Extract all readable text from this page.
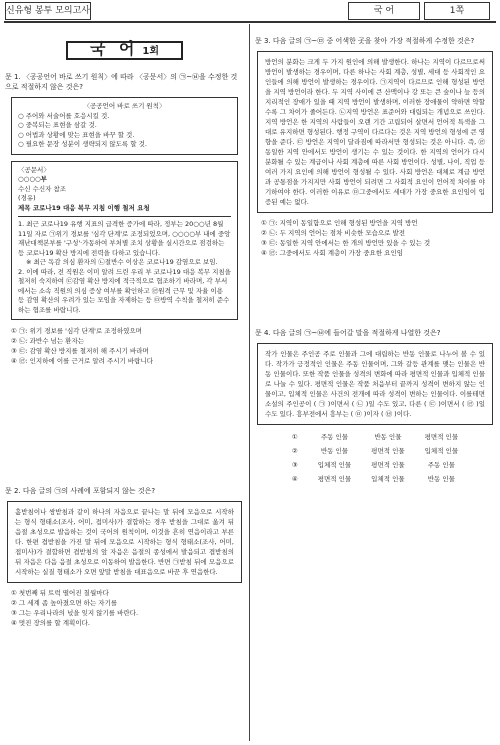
신유형 봉투 모의고사	국 어	1쪽
국 어 1회
문 1. 〈공공언어 바로 쓰기 원칙〉에 따라 〈공문서〉의 ㉠~㉥을 수정한 것으로 적절하지 않은 것은?
〈공공언어 바로 쓰기 원칙〉
○ 주어와 서술어를 호응시킬 것.
○ 중복되는 표현을 삼갈 것.
○ 어법과 상황에 맞는 표현을 바꾸 할 것.
○ 필요한 문장 성분이 생략되지 않도록 할 것.
〈공문서〉
○○○○부
수신 수신자 참조
(경유)
제목 코로나19 대응 복무 지침 이행 철저 요청
1. 최근 코로나19 유행 지표의 급격한 증가에 따라, 정부는 20○○년 8월 11일 자로 ㉠위기 경보를 '심각 단계'로 조정되었으며, ○○○○부 내에 중앙재난대책본부를 '구성'·가동하여 부처별 조치 상황을 실시간으로 점검하는 등 코로나19 확산 방지에 전력을 다하고 있습니다.
※ 최근 독감 의심 환자의 ㉡절반수 이상은 코로나19 감염으로 보임.
2. 이에 따라, 전 직원은 이미 알려 드린 우리 부 코로나19 대응 복무 지침을 철저히 숙지하여 ㉢감염 확산 방지에 적극적으로 협조하기 바라며, 각 부서에서는 소속 직원의 의심 증상 여부를 확인하고 ㉣원격 근무 및 자율 이용 등 감염 확산의 우려가 있는 모임을 자제하는 등 ㉤방역 수칙을 철저히 준수하는 협조를 바랍니다.
① ㉠: 위기 경보를 '심각 단계'로 조정하였으며
② ㉡: 과반수 넘는 환자는
③ ㉢: 감염 확산 방지를 철저히 해 주시기 바라며
④ ㉣: 인지하에 이를 근거로 알려 주시기 바랍니다
문 2. 다음 글의 ㉠의 사례에 포함되지 않는 것은?
홑받침이나 쌍받침과 같이 하나의 자음으로 끝나는 말 뒤에 모음으로 시작하는 형식 형태소(조사, 어미, 접미사)가 결합하는 경우 받침을 그대로 옮겨 뒤 음절 초성으로 발음하는 것이 국어의 원칙이며, 이것을 흔히 연음이라고 부른다. 한편 겹받침을 가진 말 뒤에 모음으로 시작하는 형식 형태소(조사, 어미, 접미사)가 결합하면 겹받침의 앞 자음은 음절의 종성에서 발음되고 겹받침의 뒤 자음은 다음 음절 초성으로 이동하여 발음한다. 반면 ㉠받침 뒤에 모음으로 시작하는 실질 형태소가 오면 앞말 받침을 대표음으로 바꾼 후 연음한다.
① 첫번째 뒤 트럭 떨어진 칠월마다
② 그 세계 좀 높아졌으면 하는 자기를
③ 그는 우리나라의 넋을 잊지 않기를 바란다.
④ 멋진 장의를 할 계획이다.
문 3. 다음 글의 ㉠~㉤ 중 어색한 곳을 찾아 가장 적절하게 수정한 것은?
방언의 분화는 크게 두 가지 원인에 의해 발생한다. 하나는 지역이 다르므로써 방언이 발생하는 경우이며, 다른 하나는 사회 계층, 성별, 세대 등 사회적인 요인들에 의해 방언이 발생하는 경우이다. ㉠지역이 다르므로 인해 형성된 방언을 지역 방언이라 한다. 두 지역 사이에 큰 산맥이나 강 또는 큰 숲이나 늪 등의 지리적인 장애가 있을 때 지역 방언이 발생하며, 이러한 장애물이 약하면 약할수록 그 차이가 줄어든다. ㉡지역 방언은 표준어와 대립되는 개념으로 쓰인다. 지역 방언은 한 지역의 사람들이 오랜 기간 고립되어 살면서 언어적 특색을 그대로 유지하면 형성된다. 행정 구역이 다르다는 것은 지역 방언의 형성에 큰 영향을 준다. ㉢ 방언은 지역이 달라짐에 따라서만 형성되는 것은 아니다. 즉, ㉣동일한 지역 안에서도 방언이 생기는 수 있는 것이다. 한 지역의 언어가 다시 분화될 수 있는 계급이나 사회 계층에 따른 사회 방언이다. 성별, 나이, 직업 등 여러 가지 요인에 의해 방언이 형성될 수 있다. 사회 방언은 대체로 계급 방언과 공통점을 가지지만 사회 방언이 되려면 그 사회적 요인이 언어적 차이를 야기하여야 한다. 이러한 이유로 ㉤그중에서도 세대가 가장 중요한 요인임이 입증된 예는 없다.
① ㉠: 지역이 동일함으로 인해 형성된 방언을 지역 방언
② ㉡: 두 지역의 언어는 점차 비슷한 모습으로 발전
③ ㉢: 동일한 지역 안에서는 한 개의 방언만 있을 수 있는 것
④ ㉣: 그중에서도 사회 계층이 가장 중요한 요인임
문 4. 다음 글의 ㉠~㉥에 들어갈 말을 적절하게 나열한 것은?
작가 인물은 주인공 주로 인물과 그에 대립하는 반동 인물로 나누어 볼 수 있다. 작가가 긍정적인 인물은 주동 인물이며, 그와 갈등 관계를 맺는 인물은 반동 인물이다. 또한 작품 인물을 성격의 변화에 따라 평면적 인물과 입체적 인물로 나눌 수 있다. 평면적 인물은 작품 처음부터 끝까지 성격이 변하지 않는 인물이고, 입체적 인물은 사건의 전개에 따라 성격이 변하는 인물이다. 이를테면 소설의 주인공이 ( ㉠ )이면서 ( ㉡ )일 수도 있고, 다른 ( ㉢ )이면서 ( ㉣ )일 수도 있다. 흥부전에서 흥부는 ( ㉤ )이자 ( ㉥ )이다.
①	주동 인물	반동 인물	평면적 인물
②	반동 인물	평면적 인물	입체적 인물
③	입체적 인물	평면적 인물	주동 인물
④	평면적 인물	입체적 인물	반동 인물
